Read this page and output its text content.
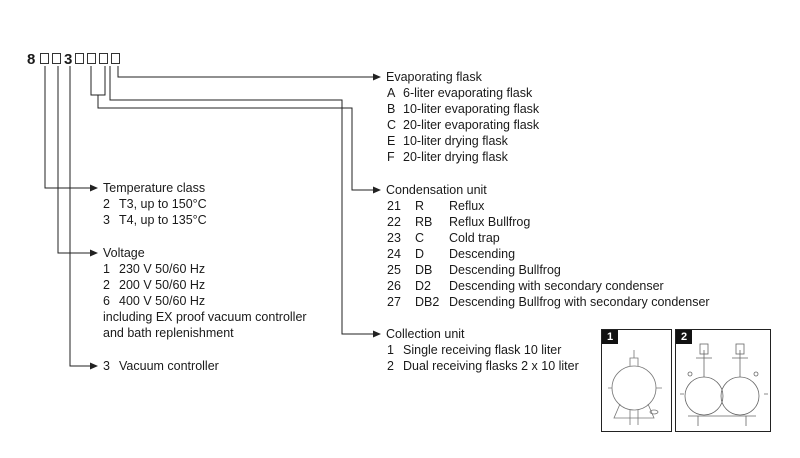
8 3
Evaporating flask
A 6-liter evaporating flask
B 10-liter evaporating flask
C 20-liter evaporating flask
E 10-liter drying flask
F 20-liter drying flask
Condensation unit
21 R Reflux
22 RB Reflux Bullfrog
23 C Cold trap
24 D Descending
25 DB Descending Bullfrog
26 D2 Descending with secondary condenser
27 DB2 Descending Bullfrog with secondary condenser
Temperature class
2 T3, up to 150°C
3 T4, up to 135°C
Voltage
1 230 V 50/60 Hz
2 200 V 50/60 Hz
6 400 V 50/60 Hz
including EX proof vacuum controller
and bath replenishment
3 Vacuum controller
Collection unit
1 Single receiving flask 10 liter
2 Dual receiving flasks 2 x 10 liter
1	2
